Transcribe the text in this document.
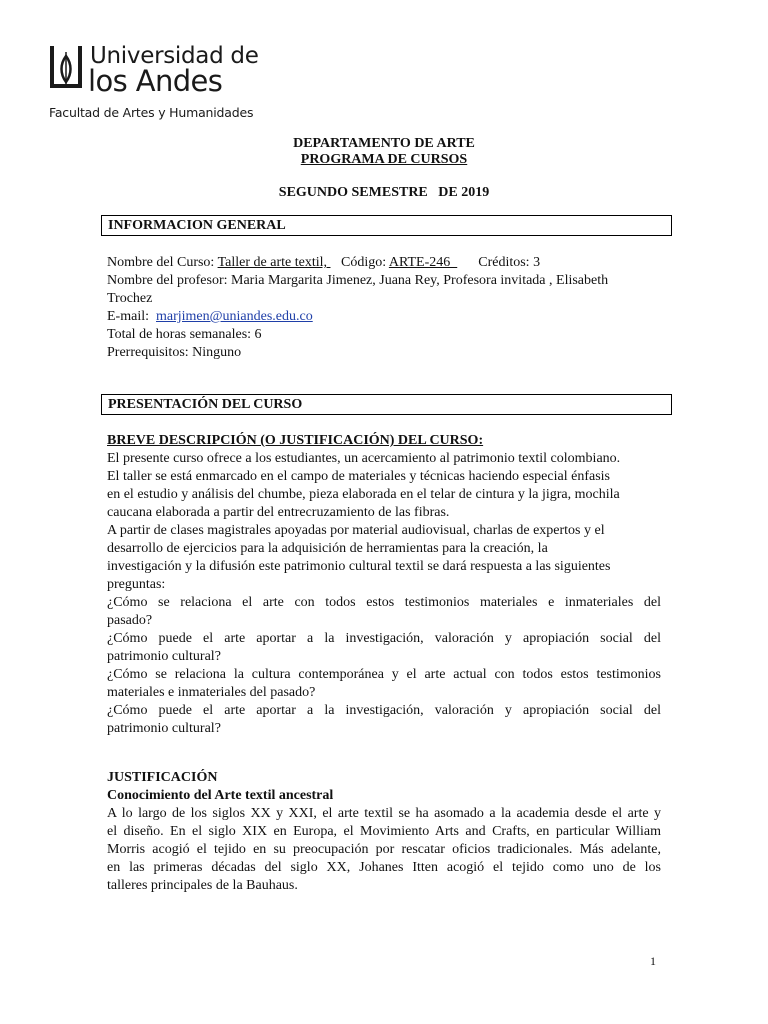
Universidad de
los Andes
Facultad de Artes y Humanidades
DEPARTAMENTO DE ARTE
PROGRAMA DE CURSOS
SEGUNDO SEMESTRE   DE 2019
INFORMACION GENERAL
Nombre del Curso: Taller de arte textil,    Código: ARTE-246        Créditos: 3
Nombre del profesor: Maria Margarita Jimenez, Juana Rey, Profesora invitada , Elisabeth
Trochez
E-mail:  marjimen@uniandes.edu.co
Total de horas semanales: 6
Prerrequisitos: Ninguno
PRESENTACIÓN DEL CURSO
BREVE DESCRIPCIÓN (O JUSTIFICACIÓN) DEL CURSO:
El presente curso ofrece a los estudiantes, un acercamiento al patrimonio textil colombiano.
El taller se está enmarcado en el campo de materiales y técnicas haciendo especial énfasis
en el estudio y análisis del chumbe, pieza elaborada en el telar de cintura y la jigra, mochila
caucana elaborada a partir del entrecruzamiento de las fibras.
A partir de clases magistrales apoyadas por material audiovisual, charlas de expertos y el
desarrollo de ejercicios para la adquisición de herramientas para la creación, la
investigación y la difusión este patrimonio cultural textil se dará respuesta a las siguientes
preguntas:
¿Cómo se relaciona el arte con todos estos testimonios materiales e inmateriales del
pasado?
¿Cómo puede el arte aportar a la investigación, valoración y apropiación social del
patrimonio cultural?
¿Cómo se relaciona la cultura contemporánea y el arte actual con todos estos testimonios
materiales e inmateriales del pasado?
¿Cómo puede el arte aportar a la investigación, valoración y apropiación social del
patrimonio cultural?
JUSTIFICACIÓN
Conocimiento del Arte textil ancestral
A lo largo de los siglos XX y XXI, el arte textil se ha asomado a la academia desde el arte y
el diseño. En el siglo XIX en Europa, el Movimiento Arts and Crafts, en particular William
Morris acogió el tejido en su preocupación por rescatar oficios tradicionales. Más adelante,
en las primeras décadas del siglo XX, Johanes Itten acogió el tejido como uno de los
talleres principales de la Bauhaus.
1
